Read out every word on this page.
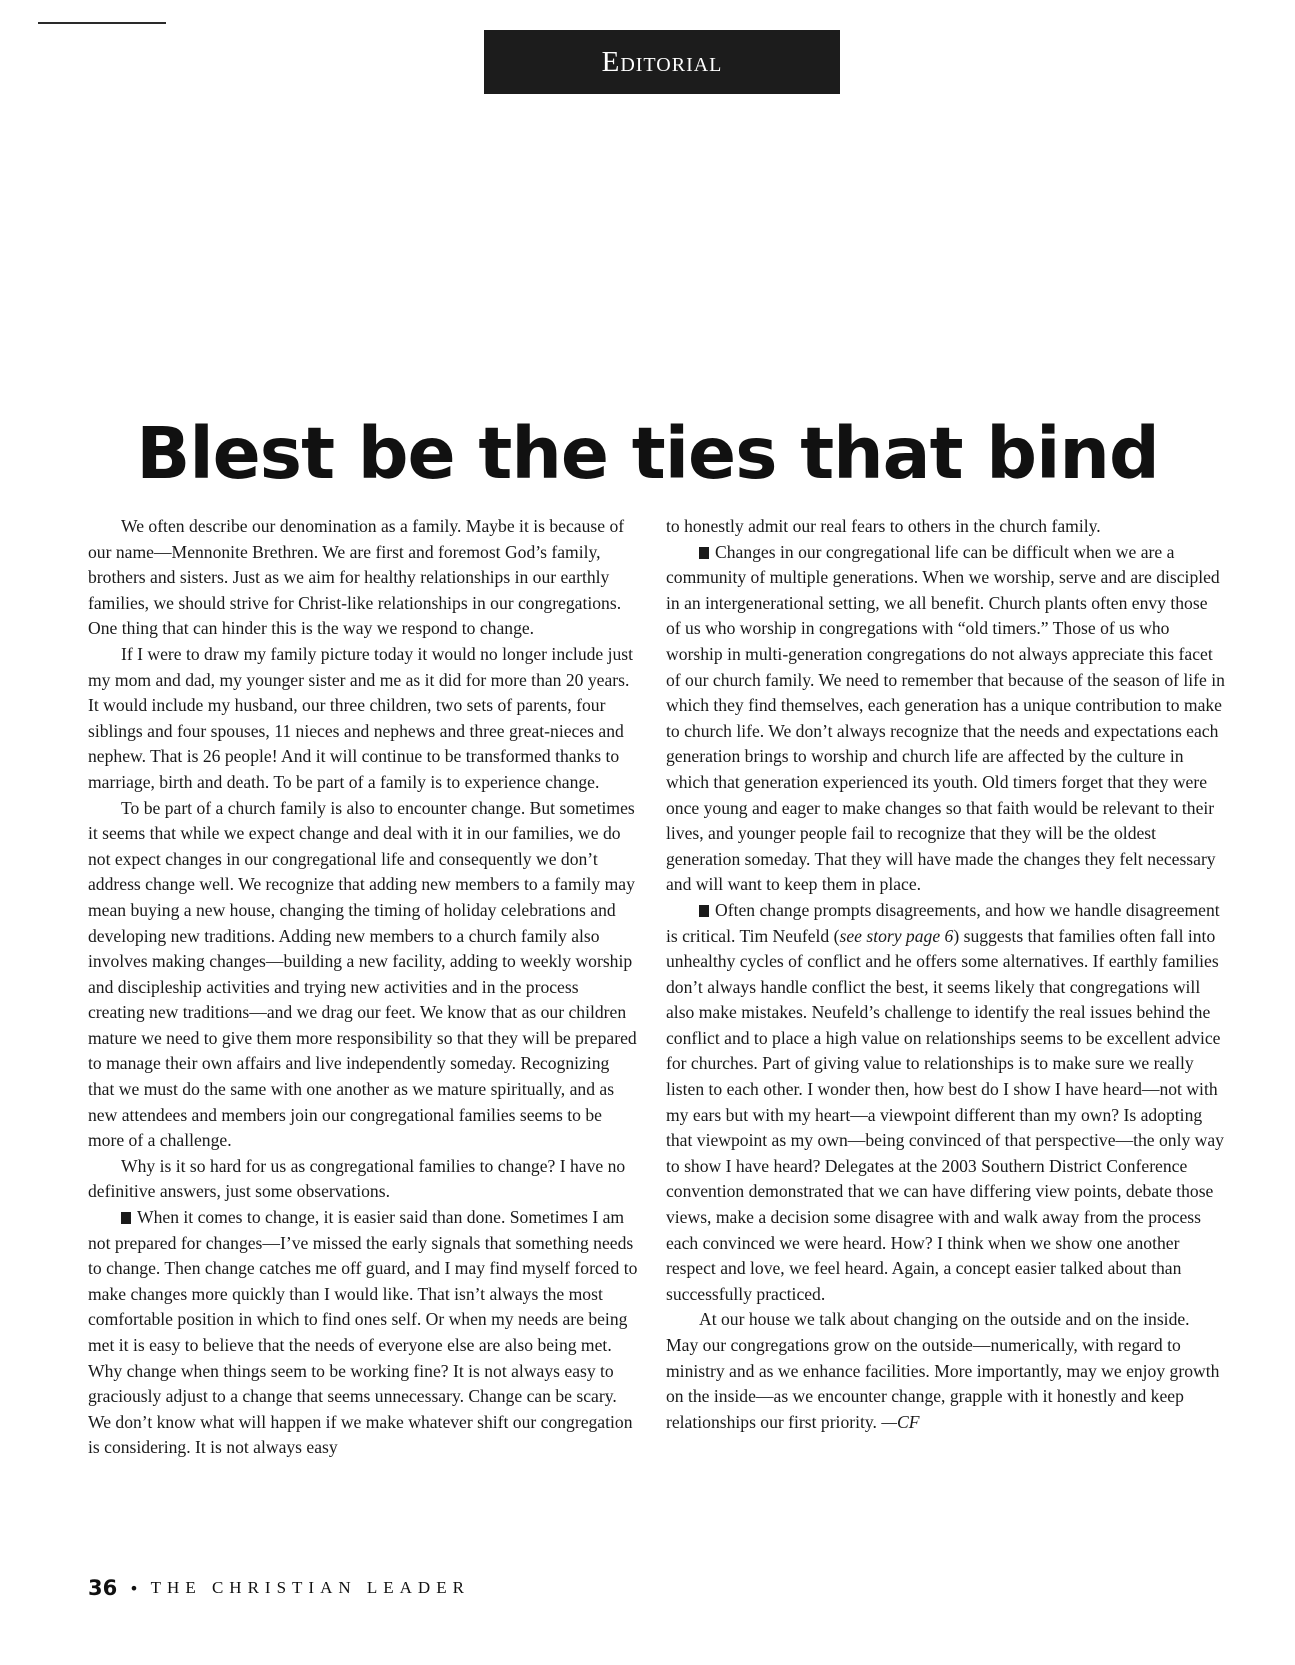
Editorial
Blest be the ties that bind

We often describe our denomination as a family. Maybe it is because of our name—Mennonite Brethren. We are first and foremost God’s family, brothers and sisters. Just as we aim for healthy relationships in our earthly families, we should strive for Christ-like relationships in our congregations. One thing that can hinder this is the way we respond to change.

If I were to draw my family picture today it would no longer include just my mom and dad, my younger sister and me as it did for more than 20 years. It would include my husband, our three children, two sets of parents, four siblings and four spouses, 11 nieces and nephews and three great-nieces and nephew. That is 26 people! And it will continue to be transformed thanks to marriage, birth and death. To be part of a family is to experience change.

To be part of a church family is also to encounter change. But sometimes it seems that while we expect change and deal with it in our families, we do not expect changes in our congregational life and consequently we don’t address change well. We recognize that adding new members to a family may mean buying a new house, changing the timing of holiday celebrations and developing new traditions. Adding new members to a church family also involves making changes—building a new facility, adding to weekly worship and discipleship activities and trying new activities and in the process creating new traditions—and we drag our feet. We know that as our children mature we need to give them more responsibility so that they will be prepared to manage their own affairs and live independently someday. Recognizing that we must do the same with one another as we mature spiritually, and as new attendees and members join our congregational families seems to be more of a challenge.

Why is it so hard for us as congregational families to change? I have no definitive answers, just some observations.

When it comes to change, it is easier said than done. Sometimes I am not prepared for changes—I’ve missed the early signals that something needs to change. Then change catches me off guard, and I may find myself forced to make changes more quickly than I would like. That isn’t always the most comfortable position in which to find ones self. Or when my needs are being met it is easy to believe that the needs of everyone else are also being met. Why change when things seem to be working fine? It is not always easy to graciously adjust to a change that seems unnecessary. Change can be scary. We don’t know what will happen if we make whatever shift our congregation is considering. It is not always easy

to honestly admit our real fears to others in the church family.

Changes in our congregational life can be difficult when we are a community of multiple generations. When we worship, serve and are discipled in an intergenerational setting, we all benefit. Church plants often envy those of us who worship in congregations with “old timers.” Those of us who worship in multi-generation congregations do not always appreciate this facet of our church family. We need to remember that because of the season of life in which they find themselves, each generation has a unique contribution to make to church life. We don’t always recognize that the needs and expectations each generation brings to worship and church life are affected by the culture in which that generation experienced its youth. Old timers forget that they were once young and eager to make changes so that faith would be relevant to their lives, and younger people fail to recognize that they will be the oldest generation someday. That they will have made the changes they felt necessary and will want to keep them in place.

Often change prompts disagreements, and how we handle disagreement is critical. Tim Neufeld (see story page 6) suggests that families often fall into unhealthy cycles of conflict and he offers some alternatives. If earthly families don’t always handle conflict the best, it seems likely that congregations will also make mistakes. Neufeld’s challenge to identify the real issues behind the conflict and to place a high value on relationships seems to be excellent advice for churches. Part of giving value to relationships is to make sure we really listen to each other. I wonder then, how best do I show I have heard—not with my ears but with my heart—a viewpoint different than my own? Is adopting that viewpoint as my own—being convinced of that perspective—the only way to show I have heard? Delegates at the 2003 Southern District Conference convention demonstrated that we can have differing view points, debate those views, make a decision some disagree with and walk away from the process each convinced we were heard. How? I think when we show one another respect and love, we feel heard. Again, a concept easier talked about than successfully practiced.

At our house we talk about changing on the outside and on the inside. May our congregations grow on the outside—numerically, with regard to ministry and as we enhance facilities. More importantly, may we enjoy growth on the inside—as we encounter change, grapple with it honestly and keep relationships our first priority. —CF

36 • THE CHRISTIAN LEADER
